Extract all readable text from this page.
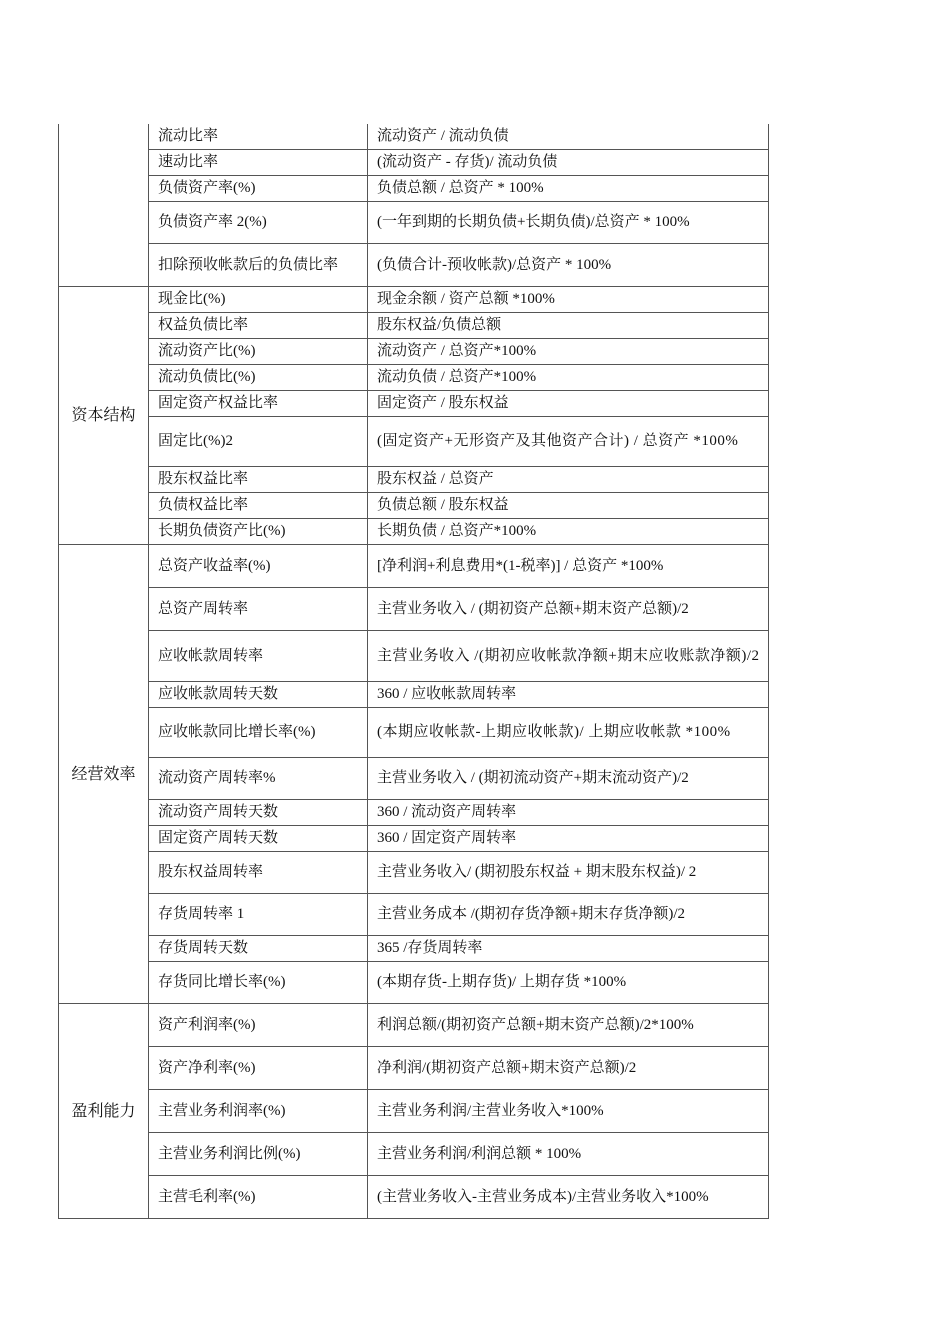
	流动比率	流动资产 / 流动负债
	速动比率	(流动资产 - 存货)/ 流动负债
	负债资产率(%)	负债总额 / 总资产 * 100%
	负债资产率 2(%)	(一年到期的长期负债+长期负债)/总资产 * 100%
	扣除预收帐款后的负债比率	(负债合计-预收帐款)/总资产 * 100%
资本结构	现金比(%)	现金余额 / 资产总额 *100%
	权益负债比率	股东权益/负债总额
	流动资产比(%)	流动资产 / 总资产*100%
	流动负债比(%)	流动负债 / 总资产*100%
	固定资产权益比率	固定资产 / 股东权益
	固定比(%)2	(固定资产+无形资产及其他资产合计) / 总资产 *100%
	股东权益比率	股东权益 / 总资产
	负债权益比率	负债总额 / 股东权益
	长期负债资产比(%)	长期负债 / 总资产*100%
经营效率	总资产收益率(%)	[净利润+利息费用*(1-税率)] / 总资产 *100%
	总资产周转率	主营业务收入 / (期初资产总额+期末资产总额)/2
	应收帐款周转率	主营业务收入 /(期初应收帐款净额+期末应收账款净额)/2
	应收帐款周转天数	360 / 应收帐款周转率
	应收帐款同比增长率(%)	(本期应收帐款-上期应收帐款)/ 上期应收帐款 *100%
	流动资产周转率%	主营业务收入 / (期初流动资产+期末流动资产)/2
	流动资产周转天数	360 / 流动资产周转率
	固定资产周转天数	360 / 固定资产周转率
	股东权益周转率	主营业务收入/ (期初股东权益 + 期末股东权益)/ 2
	存货周转率 1	主营业务成本 /(期初存货净额+期末存货净额)/2
	存货周转天数	365 /存货周转率
	存货同比增长率(%)	(本期存货-上期存货)/ 上期存货 *100%
盈利能力	资产利润率(%)	利润总额/(期初资产总额+期末资产总额)/2*100%
	资产净利率(%)	净利润/(期初资产总额+期末资产总额)/2
	主营业务利润率(%)	主营业务利润/主营业务收入*100%
	主营业务利润比例(%)	主营业务利润/利润总额 * 100%
	主营毛利率(%)	(主营业务收入-主营业务成本)/主营业务收入*100%
